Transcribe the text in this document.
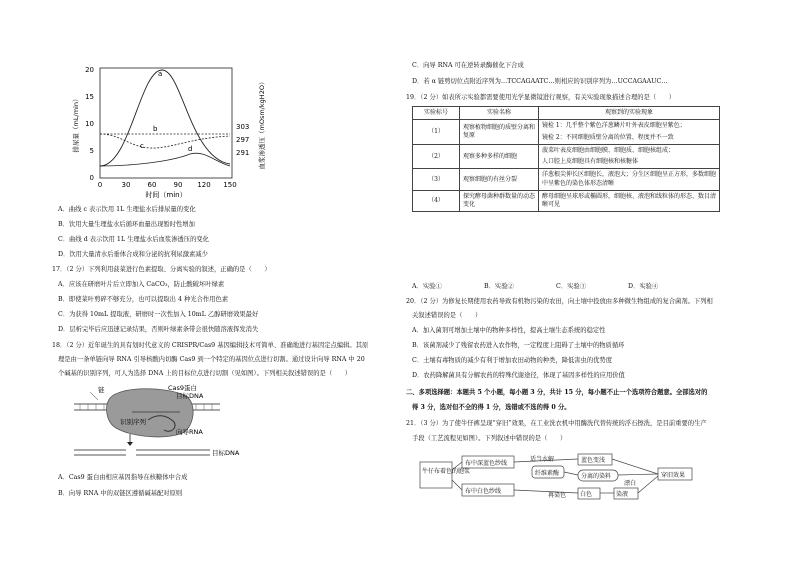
20
15
10
5
0
303
297
291
0	30 60 90 120 150
时间（min）
排尿量（mL/min）	血浆渗透压（mOsm/kgH2O）
a
b
c	d
A．曲线 c 表示饮用 1L 生理盐水后排尿量的变化
B．饮用大量生理盐水后循环血量出现暂时性增加
C．曲线 d 表示饮用 1L 生理盐水后血浆渗透压的变化
D．饮用大量清水后垂体合成和分泌的抗利尿激素减少
17．（2 分）下列利用菠菜进行色素提取、分离实验的叙述，正确的是（　　）
A．应该在研磨叶片后立即加入 CaCO₃，防止酸破坏叶绿素
B．即使菜叶剪碎不够充分，也可以提取出 4 种光合作用色素
C．为获得 10mL 提取液，研磨时一次性加入 10mL 乙醇研磨效果最好
D．层析完毕后应迅速记录结果，否则叶绿素条带会很快随溶液挥发消失
18．（2 分）近年诞生的具有划时代意义的 CRISPR/Cas9 基因编辑技术可简单、准确地进行基因定点编辑。其原
理是由一条单链向导 RNA 引导核酸内切酶 Cas9 到一个特定的基因位点进行切割。通过设计向导 RNA 中 20
个碱基的识别序列，可人为选择 DNA 上的目标位点进行切割（见如图）。下列相关叙述错误的是（　　）
链	Cas9蛋白
目标DNA
识别序列
向导RNA
目标DNA
A．Cas9 蛋白由相应基因指导在核糖体中合成
B．向导 RNA 中的双链区遵循碱基配对原则
C．向导 RNA 可在逆转录酶催化下合成
D．若 α 链剪切位点附近序列为…TCCAGAATC…则相应的识别序列为…UCCAGAAUC…
19．（2 分）如表所示实验都需要使用光学显微镜进行观察，有关实验现象描述合理的是（　　）
实验标号	实验名称	观察到的实验现象
（1）	观察植物细胞的质壁分离和复原	镜检 1：几乎整个紫色洋葱鳞片叶外表皮细胞呈紫色；
镜检 2：不同细胞质壁分离的位置、程度并不一致

（2）	观察多种多样的细胞	菠菜叶表皮细胞由细胞膜、细胞质、细胞核组成；
人口腔上皮细胞具有细胞核和核糖体

（3）	观察细胞的有丝分裂	洋葱根尖伸长区细胞长，液泡大；分生区细胞呈正方形，多数细胞中呈紫色的染色体形态清晰
（4）	探究酵母菌种群数量的动态变化	酵母细胞呈球形或椭圆形，细胞核、液泡和线粒体的形态、数目清晰可见
A．实验①	B．实验②	C．实验③	D．实验④
20．（2 分）为修复长期使用农药导致有机物污染的农田，向土壤中投放由多种微生物组成的复合菌剂。下列相
关叙述错误的是（　　）
A．加入菌剂可增加土壤中的物种多样性，提高土壤生态系统的稳定性
B．该菌剂减少了残留农药进入农作物，一定程度上阻碍了土壤中的物质循环
C．土壤有毒物质的减少有利于增加农田动物的种类，降低害虫的优势度
D．农药降解菌具有分解农药的特殊代谢途径，体现了基因多样性的应用价值
二、多项选择题：本题共 5 个小题，每小题 3 分，共计 15 分，每小题不止一个选项符合题意。全部选对的
得 3 分，选对但不全的得 1 分，选错或不选的得 0 分。
21．（3 分）为了使牛仔裤呈现“穿旧”效果，在工业洗衣机中用酶洗代替传统的浮石擦洗，是目前重要的生产
手段（工艺流程见如图）。下列叙述中错误的是（　　）
牛仔布着色的胞浆
布中深蓝色纱线
布中白色纱线
适当水解
纤维素酶
蓝色变浅
分离的染料
白色	染液
再染色
漂白
穿旧效果
